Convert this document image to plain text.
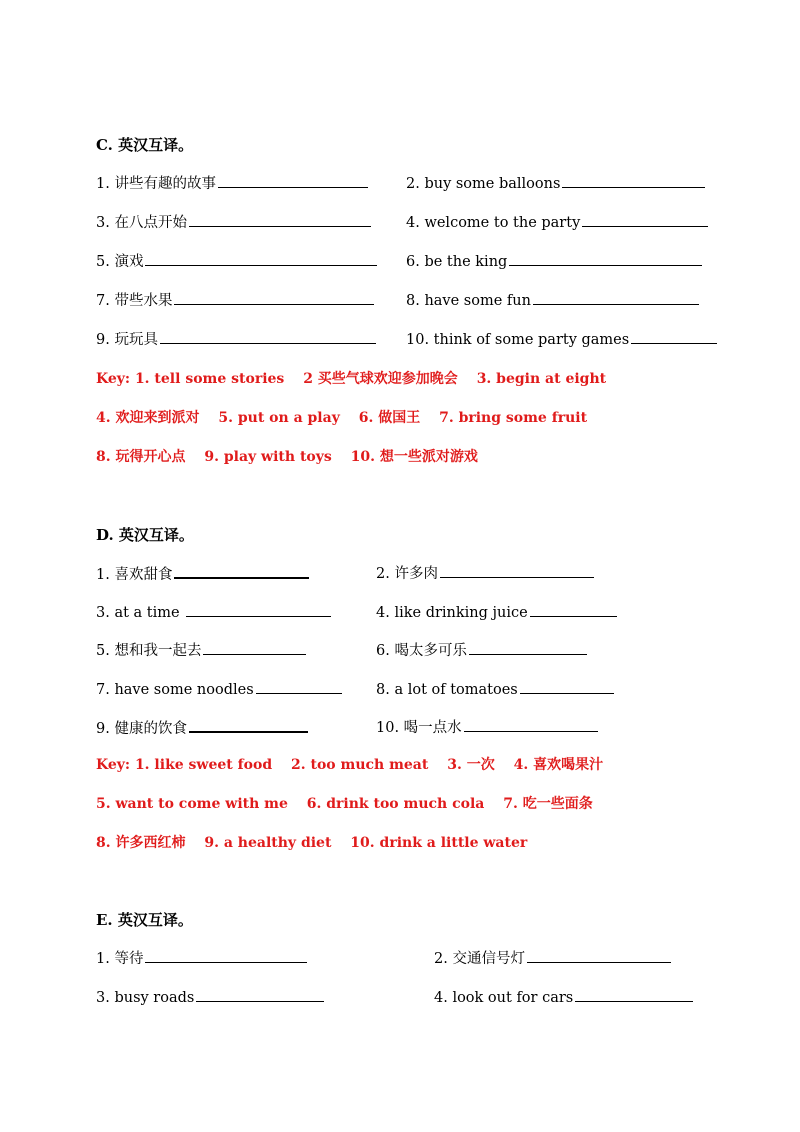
C. 英汉互译。
1. 讲些有趣的故事	2. buy some balloons
3. 在八点开始	4. welcome to the party
5. 演戏	6. be the king
7. 带些水果	8. have some fun
9. 玩玩具	10. think of some party games
Key: 1. tell some stories 2 买些气球欢迎参加晚会 3. begin at eight
4. 欢迎来到派对 5. put on a play 6. 做国王 7. bring some fruit
8. 玩得开心点 9. play with toys 10. 想一些派对游戏
D. 英汉互译。
1. 喜欢甜食	2. 许多肉
3. at a time	4. like drinking juice
5. 想和我一起去	6. 喝太多可乐
7. have some noodles	8. a lot of tomatoes
9. 健康的饮食	10. 喝一点水
Key: 1. like sweet food 2. too much meat 3. 一次 4. 喜欢喝果汁
5. want to come with me 6. drink too much cola 7. 吃一些面条
8. 许多西红柿 9. a healthy diet 10. drink a little water
E. 英汉互译。
1. 等待	2. 交通信号灯
3. busy roads	4. look out for cars
